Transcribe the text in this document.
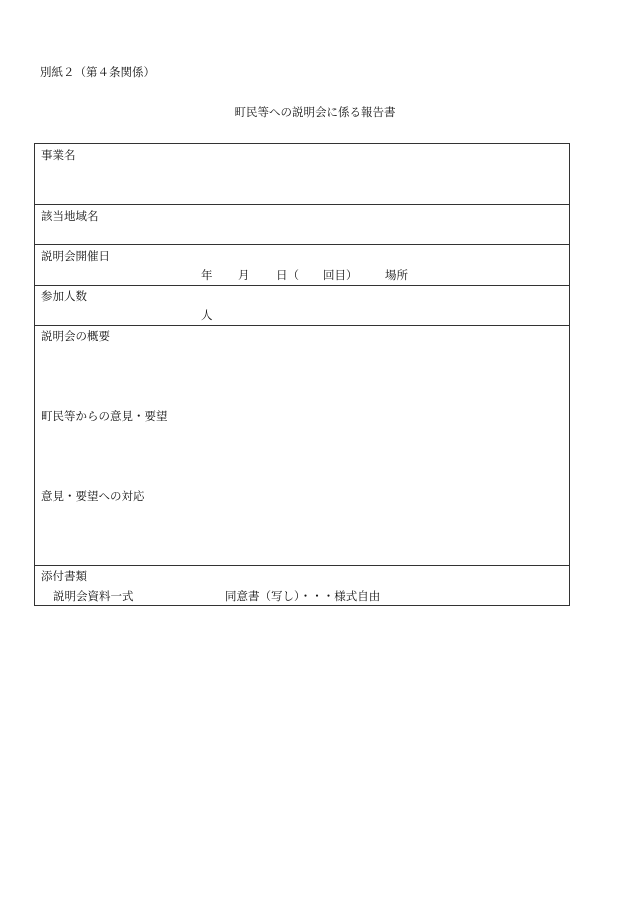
別紙２（第４条関係）
町民等への説明会に係る報告書
事業名
該当地域名
説明会開催日
年 月 日（ 回目） 場所
参加人数
人
説明会の概要
町民等からの意見・要望
意見・要望への対応
添付書類
説明会資料一式	同意書（写し）・・・様式自由
